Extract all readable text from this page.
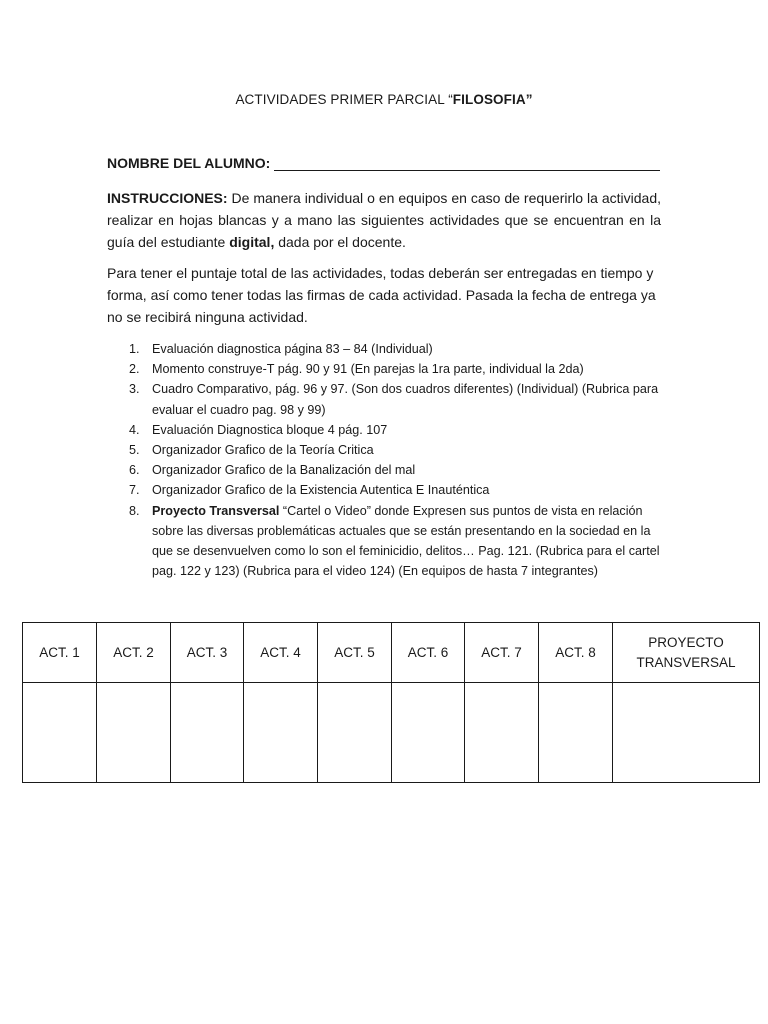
ACTIVIDADES PRIMER PARCIAL “FILOSOFIA”
NOMBRE DEL ALUMNO:

INSTRUCCIONES: De manera individual o en equipos en caso de requerirlo la actividad, realizar en hojas blancas y a mano las siguientes actividades que se encuentran en la guía del estudiante digital, dada por el docente.

Para tener el puntaje total de las actividades, todas deberán ser entregadas en tiempo y forma, así como tener todas las firmas de cada actividad. Pasada la fecha de entrega ya no se recibirá ninguna actividad.

1. Evaluación diagnostica página 83 – 84 (Individual)
2. Momento construye-T pág. 90 y 91 (En parejas la 1ra parte, individual la 2da)
3. Cuadro Comparativo, pág. 96 y 97. (Son dos cuadros diferentes) (Individual) (Rubrica para evaluar el cuadro pag. 98 y 99)
4. Evaluación Diagnostica bloque 4 pág. 107
5. Organizador Grafico de la Teoría Critica
6. Organizador Grafico de la Banalización del mal
7. Organizador Grafico de la Existencia Autentica E Inauténtica
8. Proyecto Transversal “Cartel o Video” donde Expresen sus puntos de vista en relación sobre las diversas problemáticas actuales que se están presentando en la sociedad en la que se desenvuelven como lo son el feminicidio, delitos… Pag. 121. (Rubrica para el cartel pag. 122 y 123) (Rubrica para el video 124) (En equipos de hasta 7 integrantes)
ACT. 1	ACT. 2	ACT. 3	ACT. 4	ACT. 5	ACT. 6	ACT. 7	ACT. 8	PROYECTO
TRANSVERSAL
